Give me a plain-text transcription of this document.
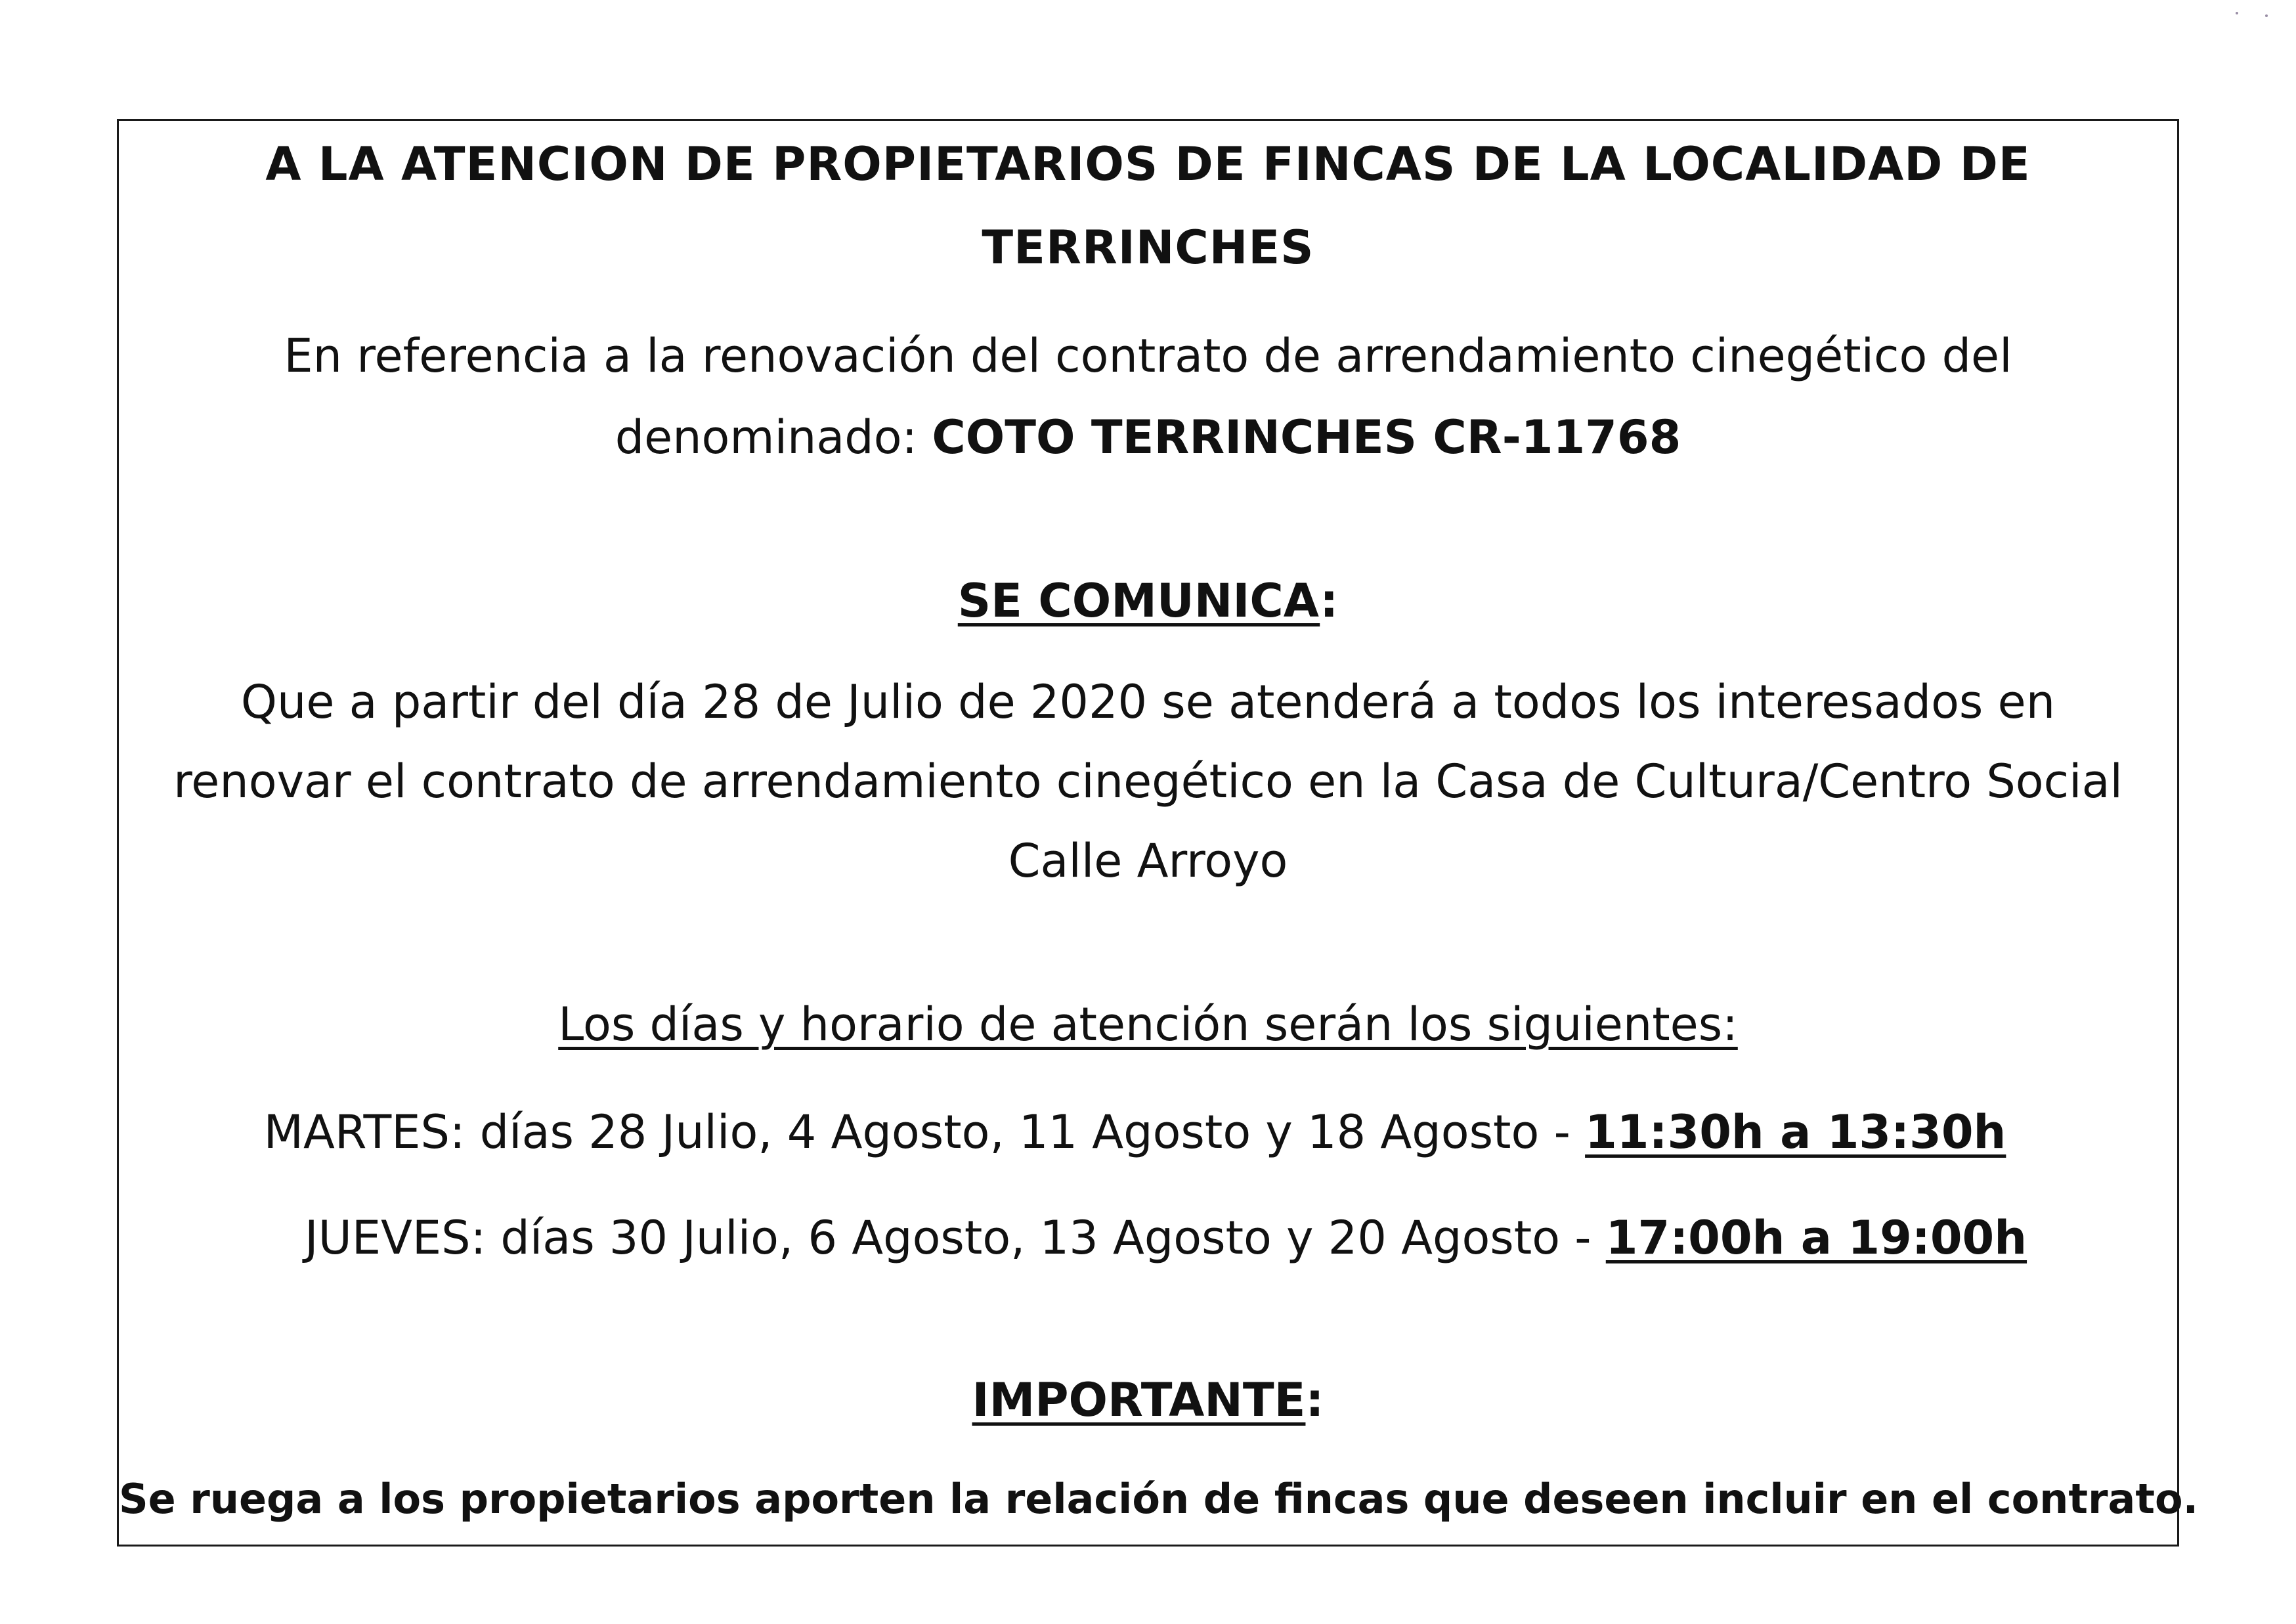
A LA ATENCION DE PROPIETARIOS DE FINCAS DE LA LOCALIDAD DE
TERRINCHES
En referencia a la renovación del contrato de arrendamiento cinegético del
denominado: COTO TERRINCHES CR-11768
SE COMUNICA:
Que a partir del día 28 de Julio de 2020 se atenderá a todos los interesados en
renovar el contrato de arrendamiento cinegético en la Casa de Cultura/Centro Social
Calle Arroyo
Los días y horario de atención serán los siguientes:
MARTES: días 28 Julio, 4 Agosto, 11 Agosto y 18 Agosto - 11:30h a 13:30h
JUEVES: días 30 Julio, 6 Agosto, 13 Agosto y 20 Agosto - 17:00h a 19:00h
IMPORTANTE:
Se ruega a los propietarios aporten la relación de fincas que deseen incluir en el contrato.
